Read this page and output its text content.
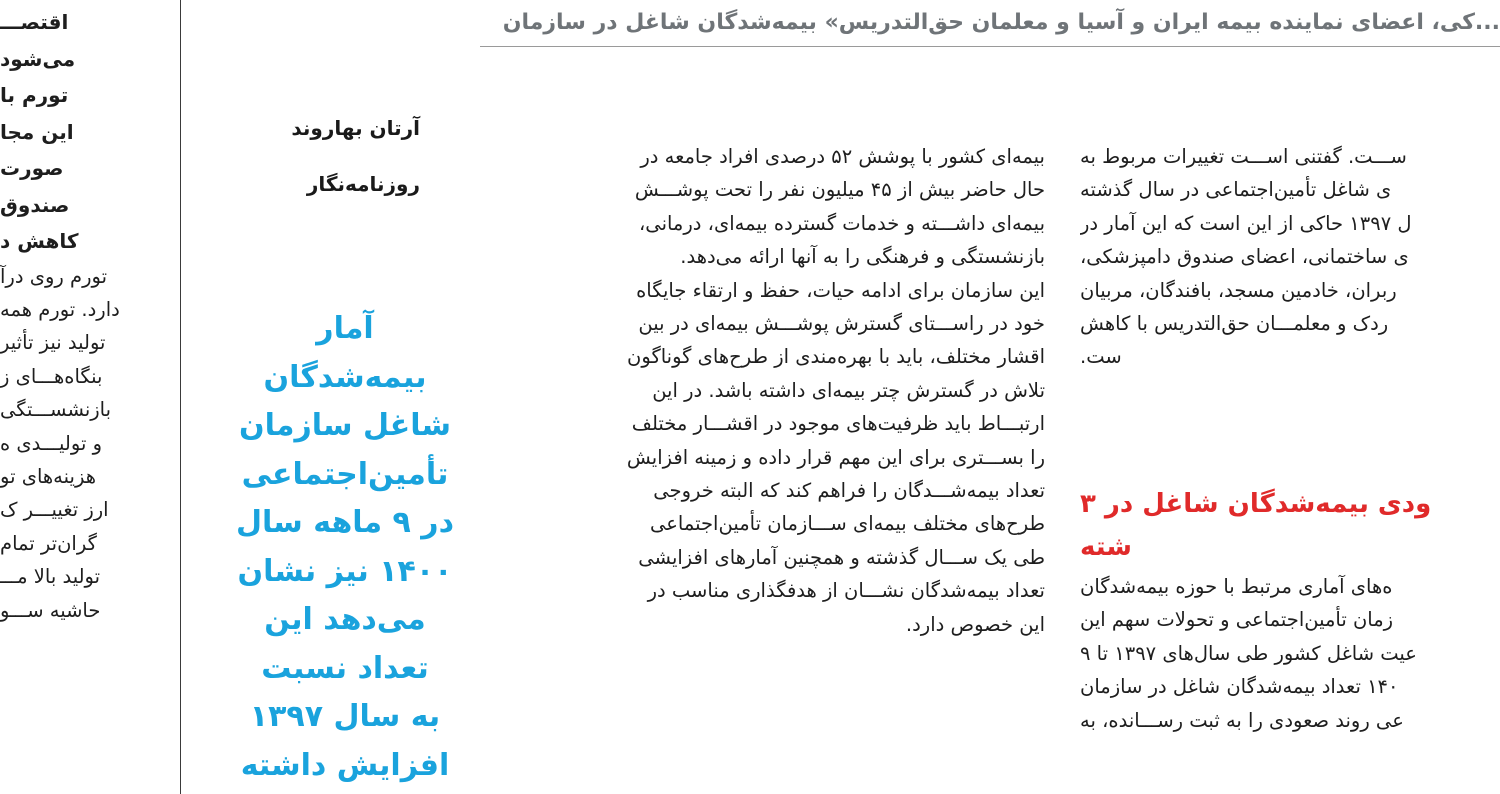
...کی، اعضای نماینده بیمه ایران و آسیا و معلمان حق‌التدریس» بیمه‌شدگان شاغل در سازمان
اقتصـــ
می‌شود
تورم با
این مجا
صورت
صندوق
کاهش د
تورم روی درآ
دارد. تورم همه
تولید نیز تأثیر
بنگاه‌هـــای ز
بازنشســـتگی
و تولیـــدی ه
هزینه‌های تو
ارز تغییـــر ک
گران‌تر تمام
تولید بالا مـــ
حاشیه ســـو
آرتان بهاروند
روزنامه‌نگار
آمار
بیمه‌شدگان
شاغل سازمان
تأمین‌اجتماعی
در ۹ ماهه سال
۱۴۰۰ نیز نشان
می‌دهد این
تعداد نسبت
به سال ۱۳۹۷
افزایش داشته
بیمه‌ای کشور با پوشش ۵۲ درصدی افراد جامعه در
حال حاضر بیش از ۴۵ میلیون نفر را تحت پوشـــش
بیمه‌ای داشـــته و خدمات گسترده بیمه‌ای، درمانی،
بازنشستگی و فرهنگی را به آنها ارائه می‌دهد.
این سازمان برای ادامه حیات، حفظ و ارتقاء جایگاه
خود در راســـتای گسترش پوشـــش بیمه‌ای در بین
اقشار مختلف، باید با بهره‌مندی از طرح‌های گوناگون
تلاش در گسترش چتر بیمه‌ای داشته باشد. در این
ارتبـــاط باید ظرفیت‌های موجود در اقشـــار مختلف
را بســـتری برای این مهم قرار داده و زمینه افزایش
تعداد بیمه‌شـــدگان را فراهم کند که البته خروجی
طرح‌های مختلف بیمه‌ای ســـازمان تأمین‌اجتماعی
طی یک ســـال گذشته و همچنین آمارهای افزایشی
تعداد بیمه‌شدگان نشـــان از هدفگذاری مناسب در
این خصوص دارد.
ســـت. گفتنی اســـت تغییرات مربوط به
ی شاغل تأمین‌اجتماعی در سال گذشته
ل ۱۳۹۷ حاکی از این است که این آمار در
ی ساختمانی، اعضای صندوق دامپزشکی،
ربران، خادمین مسجد، بافندگان، مربیان
ردک و معلمـــان حق‌التدریس با کاهش
ست.
ودی بیمه‌شدگان شاغل در ۳
شته
ه‌های آماری مرتبط با حوزه بیمه‌شدگان
زمان تأمین‌اجتماعی و تحولات سهم این
عیت شاغل کشور طی سال‌های ۱۳۹۷ تا ۹
۱۴۰ تعداد بیمه‌شدگان شاغل در سازمان
عی روند صعودی را به ثبت رســـانده، به
